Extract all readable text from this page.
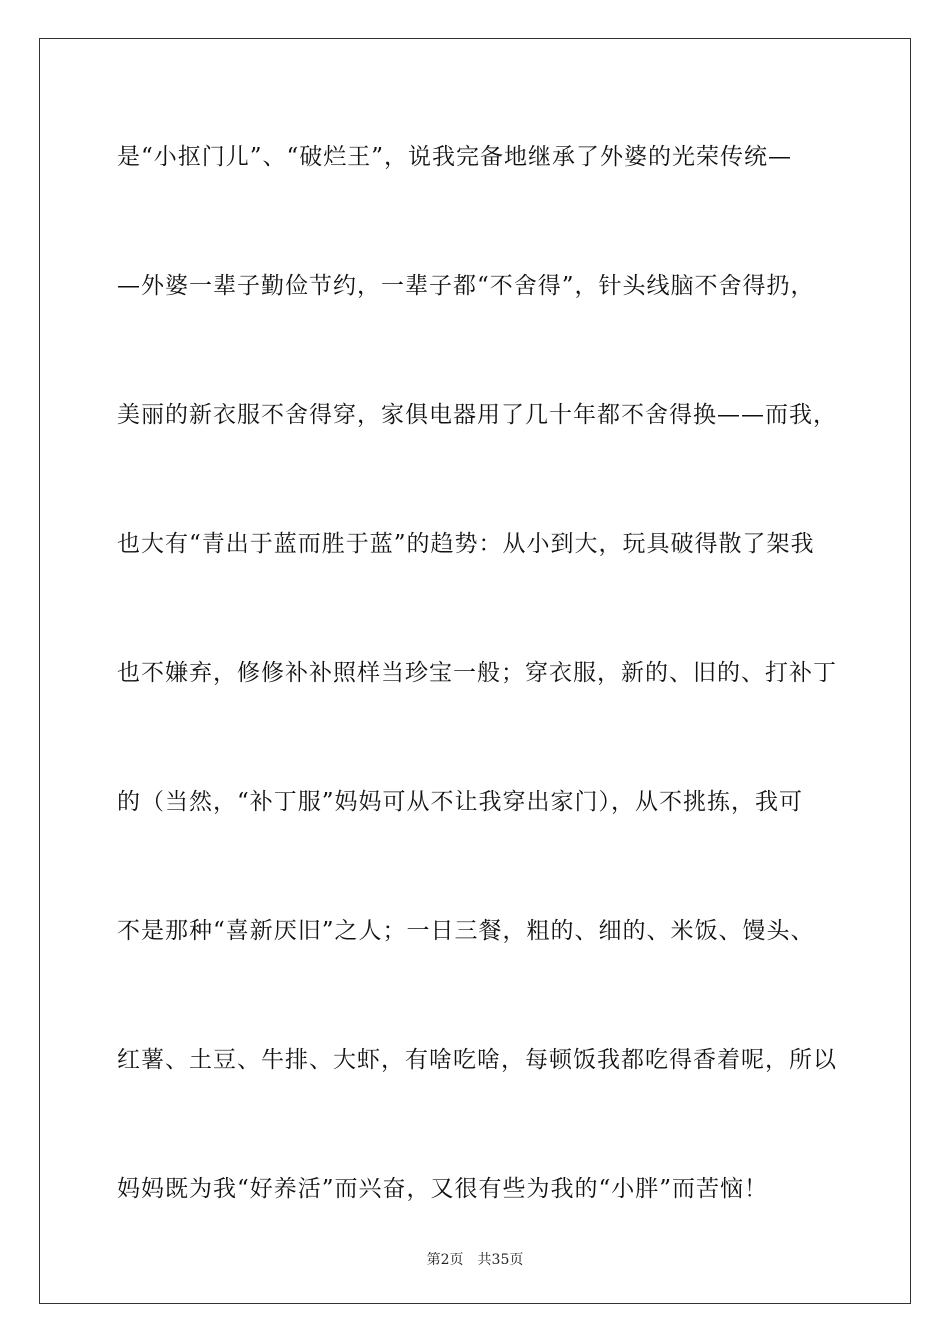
是“小抠门儿”、“破烂王”，说我完备地继承了外婆的光荣传统—
—外婆一辈子勤俭节约，一辈子都“不舍得”，针头线脑不舍得扔，
美丽的新衣服不舍得穿，家俱电器用了几十年都不舍得换——而我，
也大有“青出于蓝而胜于蓝”的趋势：从小到大，玩具破得散了架我
也不嫌弃，修修补补照样当珍宝一般；穿衣服，新的、旧的、打补丁
的（当然，“补丁服”妈妈可从不让我穿出家门），从不挑拣，我可
不是那种“喜新厌旧”之人；一日三餐，粗的、细的、米饭、馒头、
红薯、土豆、牛排、大虾，有啥吃啥，每顿饭我都吃得香着呢，所以
妈妈既为我“好养活”而兴奋，又很有些为我的“小胖”而苦恼！
第2页 共35页
